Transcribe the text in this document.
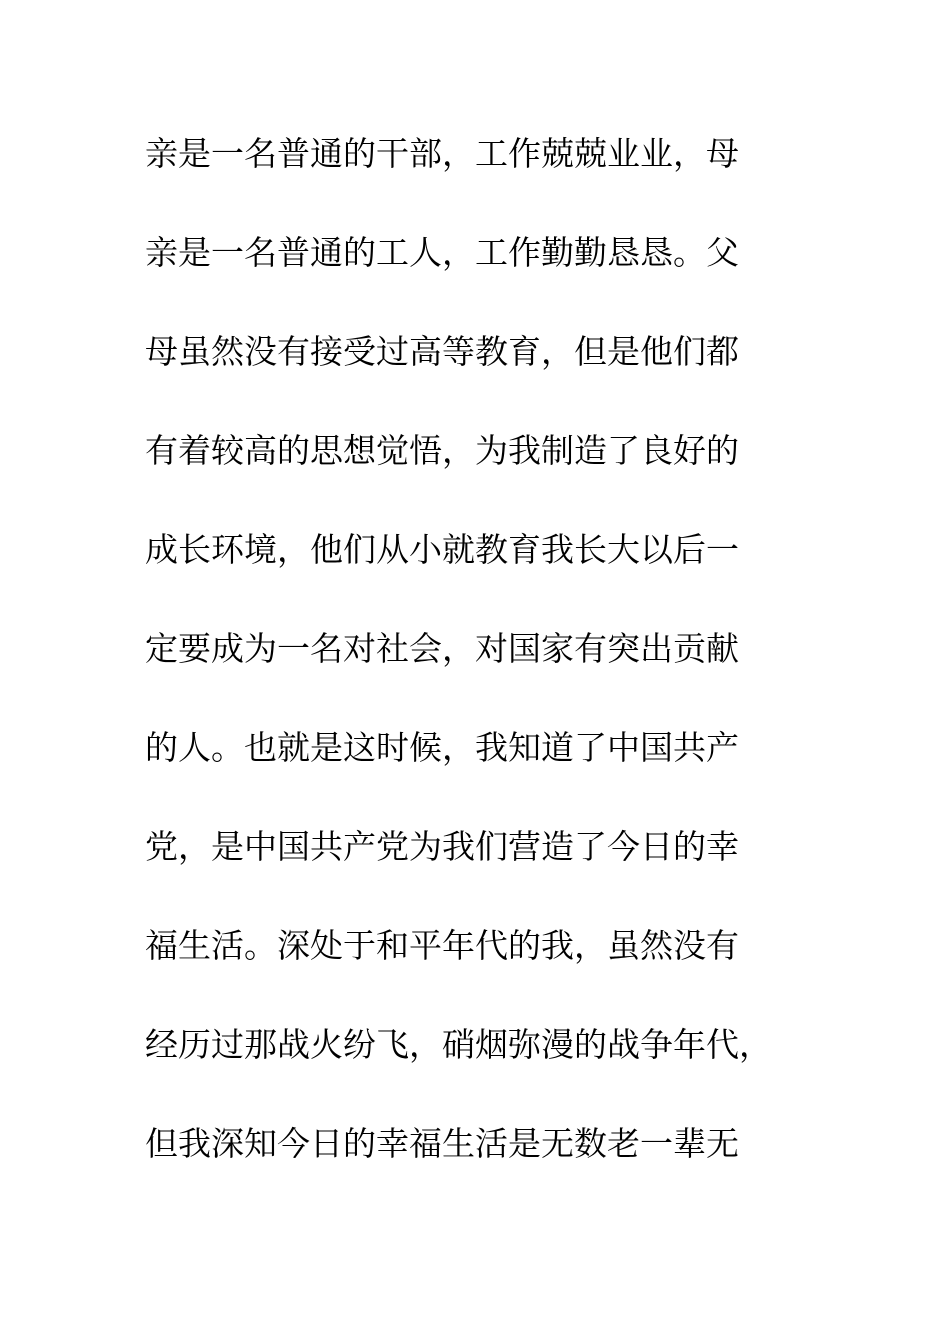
亲是一名普通的干部，工作兢兢业业，母
亲是一名普通的工人，工作勤勤恳恳。父
母虽然没有接受过高等教育，但是他们都
有着较高的思想觉悟，为我制造了良好的
成长环境，他们从小就教育我长大以后一
定要成为一名对社会，对国家有突出贡献
的人。也就是这时候，我知道了中国共产
党，是中国共产党为我们营造了今日的幸
福生活。深处于和平年代的我，虽然没有
经历过那战火纷飞，硝烟弥漫的战争年代，
但我深知今日的幸福生活是无数老一辈无
